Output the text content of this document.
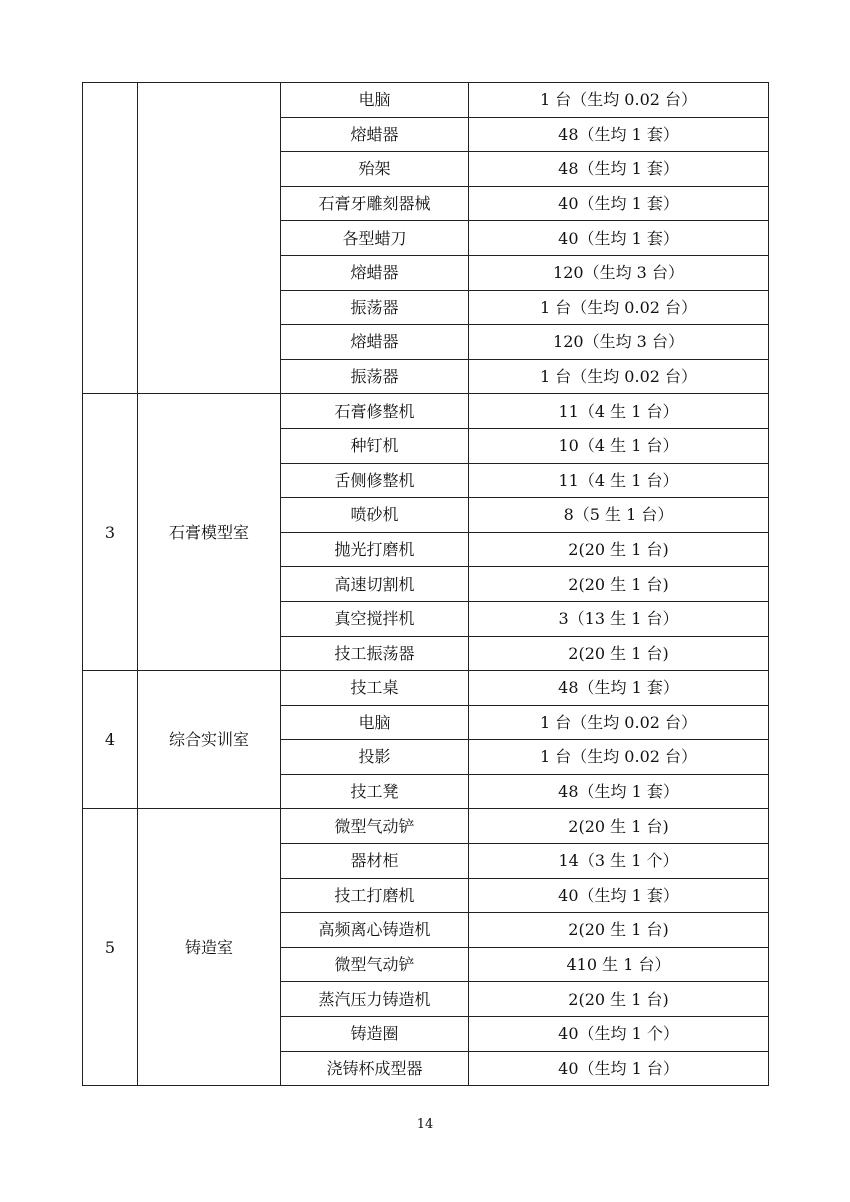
		电脑	1 台（生均 0.02 台）
		熔蜡器	48（生均 1 套）
		殆架	48（生均 1 套）
		石膏牙雕刻器械	40（生均 1 套）
		各型蜡刀	40（生均 1 套）
		熔蜡器	120（生均 3 台）
		振荡器	1 台（生均 0.02 台）
		熔蜡器	120（生均 3 台）
		振荡器	1 台（生均 0.02 台）
3	石膏模型室	石膏修整机	11（4 生 1 台）
		种钉机	10（4 生 1 台）
		舌侧修整机	11（4 生 1 台）
		喷砂机	8（5 生 1 台）
		抛光打磨机	2(20 生 1 台)
		高速切割机	2(20 生 1 台)
		真空搅拌机	3（13 生 1 台）
		技工振荡器	2(20 生 1 台)
4	综合实训室	技工桌	48（生均 1 套）
		电脑	1 台（生均 0.02 台）
		投影	1 台（生均 0.02 台）
		技工凳	48（生均 1 套）
5	铸造室	微型气动铲	2(20 生 1 台)
		器材柜	14（3 生 1 个）
		技工打磨机	40（生均 1 套）
		高频离心铸造机	2(20 生 1 台)
		微型气动铲	410 生 1 台）
		蒸汽压力铸造机	2(20 生 1 台)
		铸造圈	40（生均 1 个）
		浇铸杯成型器	40（生均 1 台）
14
